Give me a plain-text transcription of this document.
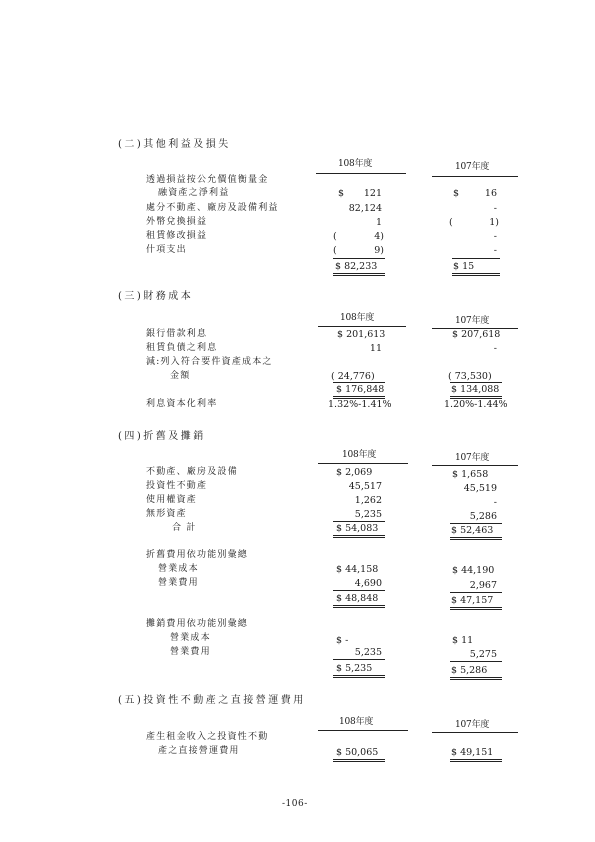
(二)其他利益及損失
108年度	107年度
透過損益按公允價值衡量金
融資產之淨利益	$	121	$	16
處分不動產、廠房及設備利益	82,124	-
外幣兌換損益	1	(	1)
租賃修改損益	(	4)	-
什項支出	(	9)	-
$ 82,233	$ 15
(三)財務成本
108年度	107年度
銀行借款利息	$ 201,613	$ 207,618
租賃負債之利息	11	-
減:列入符合要件資產成本之
金額	( 24,776)	( 73,530)
$ 176,848	$ 134,088
利息資本化利率	1.32%-1.41%	1.20%-1.44%
(四)折舊及攤銷
108年度	107年度
不動產、廠房及設備	$ 2,069	$ 1,658
投資性不動產	45,517	45,519
使用權資產	1,262	-
無形資產	5,235	5,286
合 計	$ 54,083	$ 52,463
折舊費用依功能別彙總
營業成本	$ 44,158	$ 44,190
營業費用	4,690	2,967
$ 48,848	$ 47,157
攤銷費用依功能別彙總
營業成本	$ -	$ 11
營業費用	5,235	5,275
$ 5,235	$ 5,286
(五)投資性不動產之直接營運費用
108年度	107年度
產生租金收入之投資性不動
產之直接營運費用	$ 50,065	$ 49,151
-106-
